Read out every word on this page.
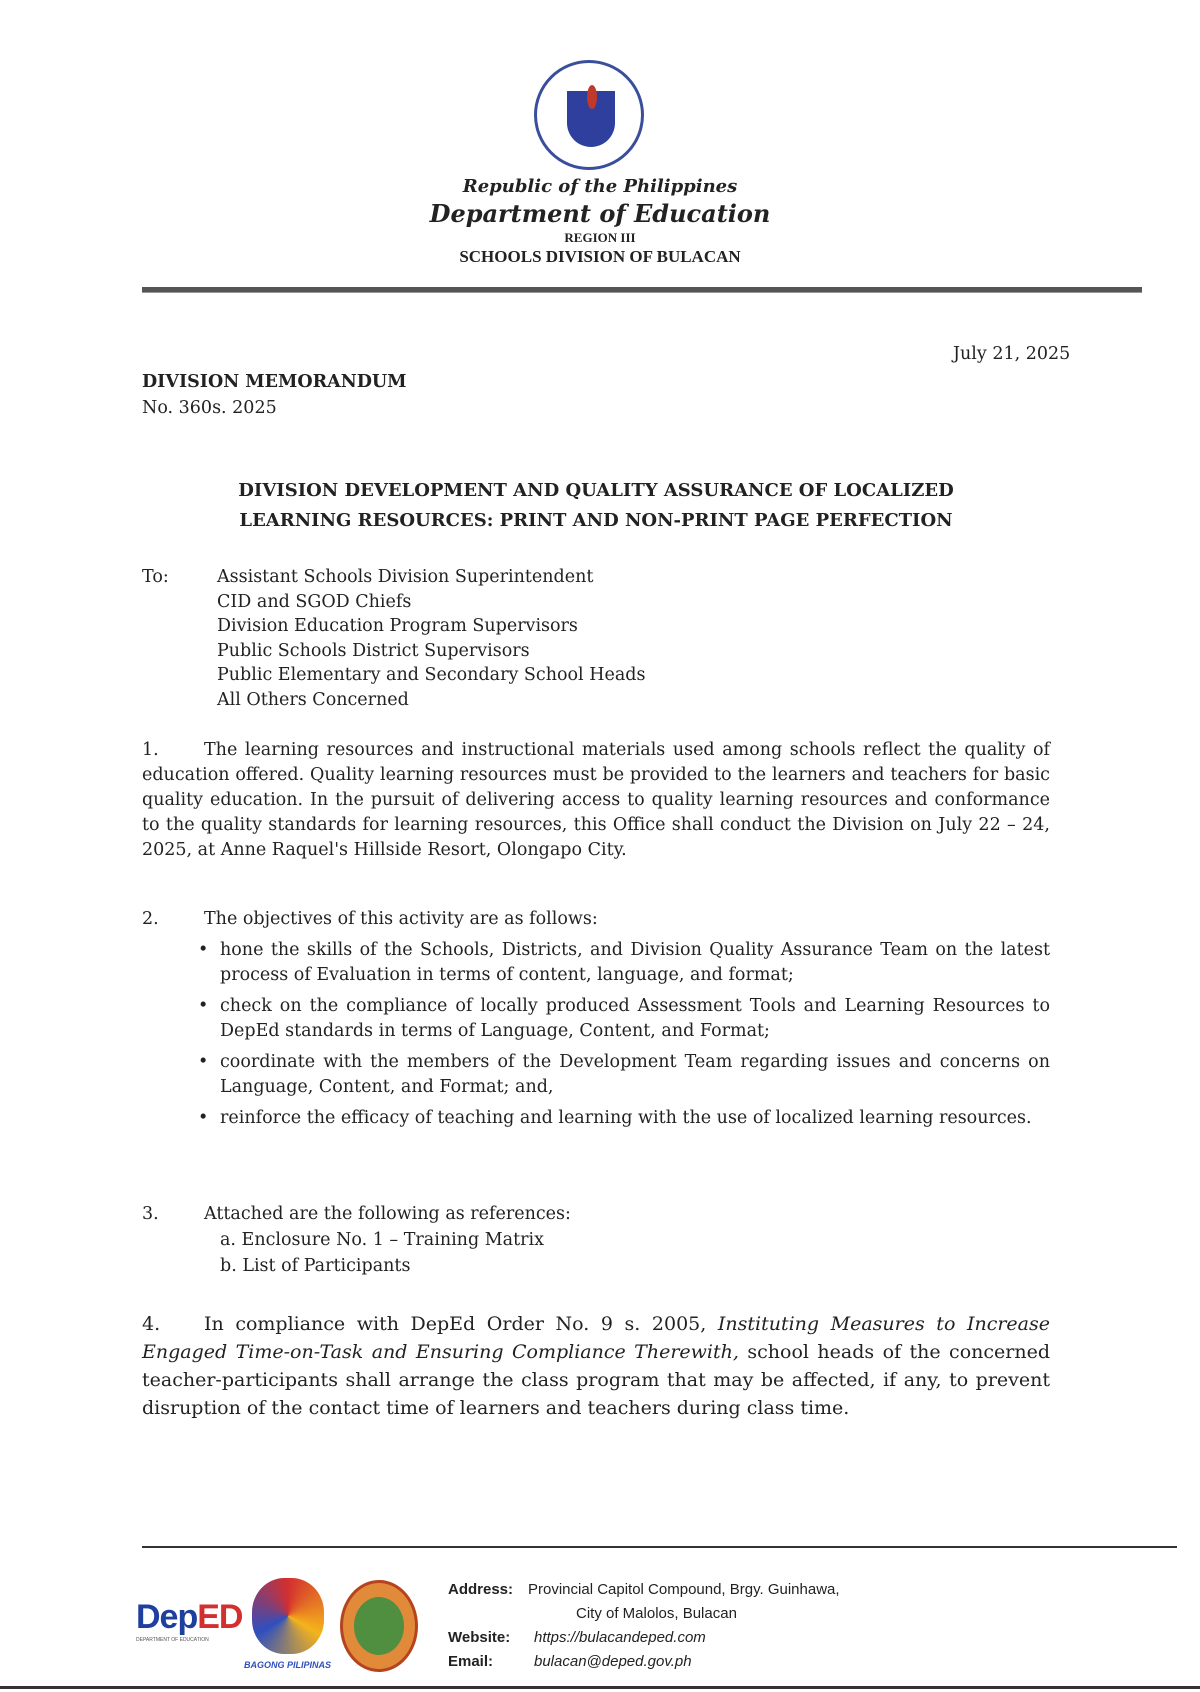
Republic of the Philippines
Department of Education
REGION III
SCHOOLS DIVISION OF BULACAN
July 21, 2025
DIVISION MEMORANDUM
No. 360s. 2025
DIVISION DEVELOPMENT AND QUALITY ASSURANCE OF LOCALIZED
LEARNING RESOURCES: PRINT AND NON-PRINT PAGE PERFECTION
To:	Assistant Schools Division Superintendent
CID and SGOD Chiefs
Division Education Program Supervisors
Public Schools District Supervisors
Public Elementary and Secondary School Heads
All Others Concerned
1.	The learning resources and instructional materials used among schools reflect the quality of education offered. Quality learning resources must be provided to the learners and teachers for basic quality education. In the pursuit of delivering access to quality learning resources and conformance to the quality standards for learning resources, this Office shall conduct the Division on July 22 – 24, 2025, at Anne Raquel's Hillside Resort, Olongapo City.
2.	The objectives of this activity are as follows:
• hone the skills of the Schools, Districts, and Division Quality Assurance Team on the latest process of Evaluation in terms of content, language, and format;
• check on the compliance of locally produced Assessment Tools and Learning Resources to DepEd standards in terms of Language, Content, and Format;
• coordinate with the members of the Development Team regarding issues and concerns on Language, Content, and Format; and,
• reinforce the efficacy of teaching and learning with the use of localized learning resources.
3.	Attached are the following as references:
a. Enclosure No. 1 – Training Matrix
b. List of Participants
4. In compliance with DepEd Order No. 9 s. 2005, Instituting Measures to Increase Engaged Time-on-Task and Ensuring Compliance Therewith, school heads of the concerned teacher-participants shall arrange the class program that may be affected, if any, to prevent disruption of the contact time of learners and teachers during class time.
DepED
DEPARTMENT OF EDUCATION
BAGONG PILIPINAS
Address: Provincial Capitol Compound, Brgy. Guinhawa,
City of Malolos, Bulacan
Website: https://bulacandeped.com
Email:	bulacan@deped.gov.ph
